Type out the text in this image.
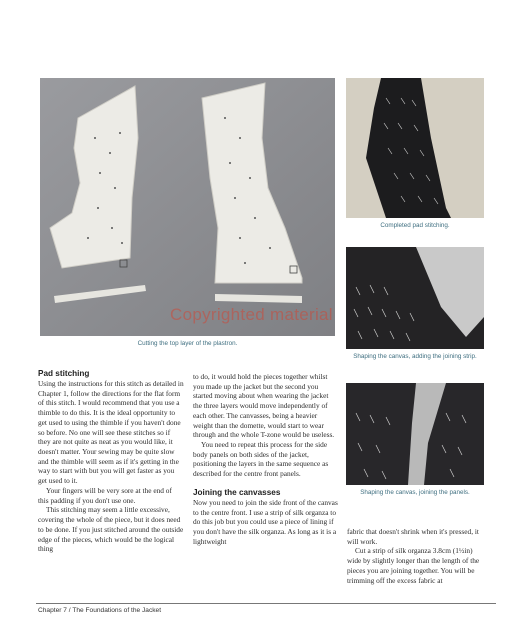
Cutting the top layer of the plastron.
Completed pad stitching.
Shaping the canvas, adding the joining strip.
Shaping the canvas, joining the panels.
Copyrighted material

Pad stitching

Using the instructions for this stitch as detailed in Chapter 1, follow the directions for the flat form of this stitch. I would recommend that you use a thimble to do this. It is the ideal opportunity to get used to using the thimble if you haven't done so before. No one will see these stitches so if they are not quite as neat as you would like, it doesn't matter. Your sewing may be quite slow and the thimble will seem as if it's getting in the way to start with but you will get faster as you get used to it.

Your fingers will be very sore at the end of this padding if you don't use one.

This stitching may seem a little excessive, covering the whole of the piece, but it does need to be done. If you just stitched around the outside edge of the pieces, which would be the logical thing

to do, it would hold the pieces together whilst you made up the jacket but the second you started moving about when wearing the jacket the three layers would move independently of each other. The canvasses, being a heavier weight than the domette, would start to wear through and the whole T-zone would be useless.

You need to repeat this process for the side body panels on both sides of the jacket, positioning the layers in the same sequence as described for the centre front panels.

Joining the canvasses

Now you need to join the side front of the canvas to the centre front. I use a strip of silk organza to do this job but you could use a piece of lining if you don't have the silk organza. As long as it is a lightweight

fabric that doesn't shrink when it's pressed, it will work.

Cut a strip of silk organza 3.8cm (1½in) wide by slightly longer than the length of the pieces you are joining together. You will be trimming off the excess fabric at

Chapter 7 / The Foundations of the Jacket
